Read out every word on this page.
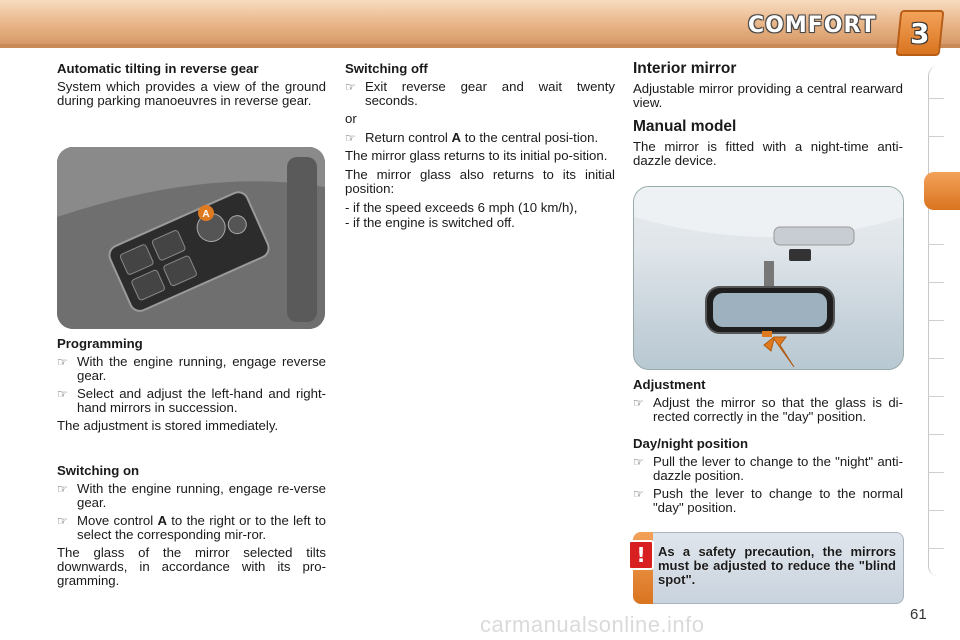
COMFORT 3
Automatic tilting in reverse gear

System which provides a view of the ground during parking manoeuvres in reverse gear.

A
Programming
☞ With the engine running, engage reverse gear.
☞ Select and adjust the left-hand and right-hand mirrors in succession.

The adjustment is stored immediately.

Switching on
☞ With the engine running, engage re-verse gear.
☞ Move control A to the right or to the left to select the corresponding mir-ror.

The glass of the mirror selected tilts downwards, in accordance with its pro-gramming.

Switching off
☞ Exit reverse gear and wait twenty seconds.

or

☞ Return control A to the central posi-tion.

The mirror glass returns to its initial po-sition.

The mirror glass also returns to its initial position:

- if the speed exceeds 6 mph (10 km/h),

- if the engine is switched off.

Interior mirror

Adjustable mirror providing a central rearward view.

Manual model

The mirror is fitted with a night-time anti-dazzle device.

Adjustment
☞ Adjust the mirror so that the glass is di-rected correctly in the "day" position.
Day/night position
☞ Pull the lever to change to the "night" anti-dazzle position.
☞ Push the lever to change to the normal "day" position.
! As a safety precaution, the mirrors must be adjusted to reduce the "blind spot".
carmanualsonline.info	61
